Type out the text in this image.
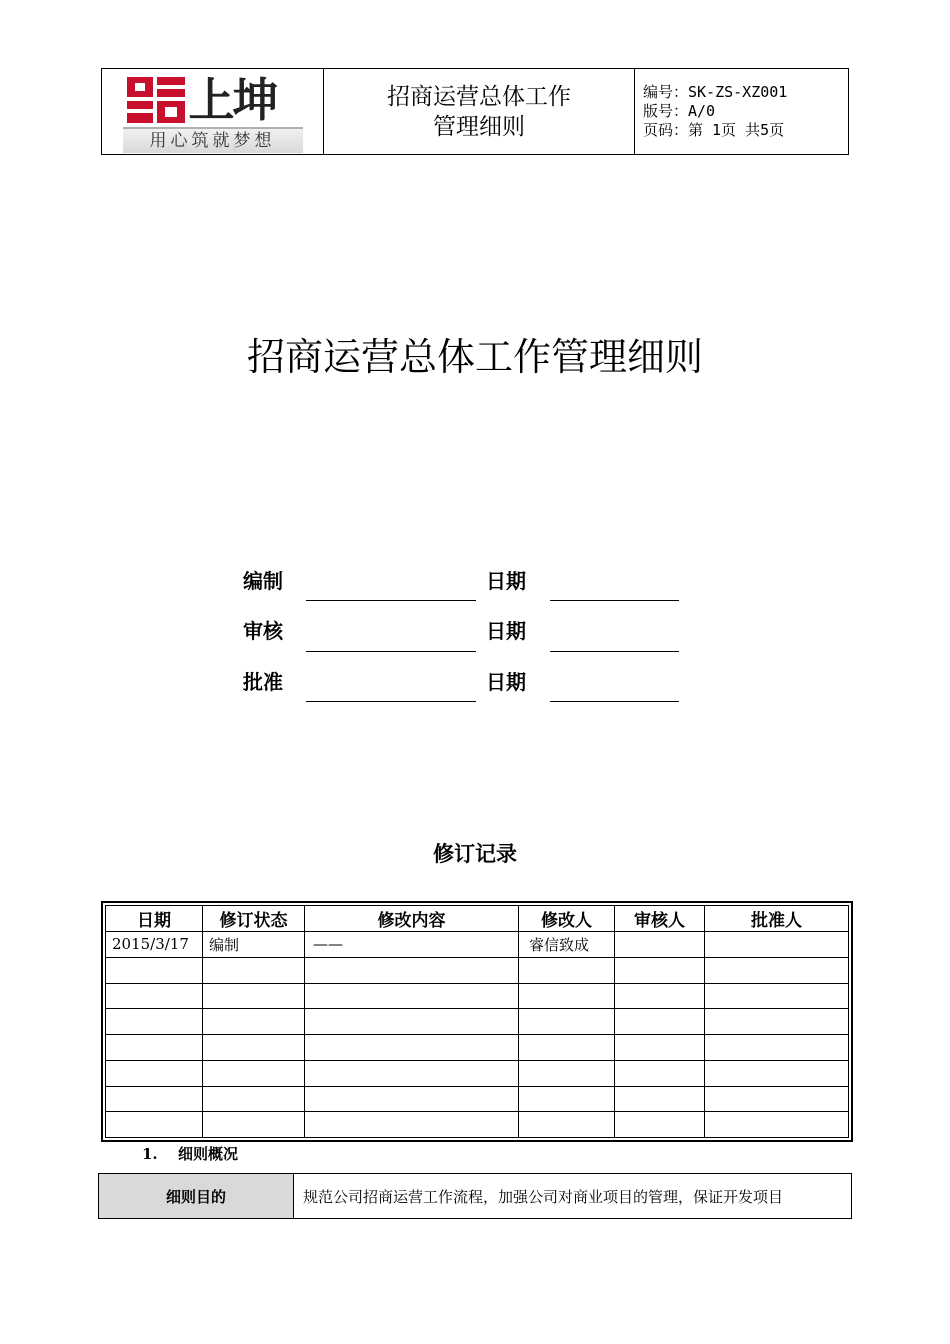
上坤
用心筑就梦想

招商运营总体工作
管理细则

编号：SK-ZS-XZ001
版号：A/0
页码：第 1页 共5页
招商运营总体工作管理细则
编制	日期
审核	日期
批准	日期
修订记录
日期	修订状态	修改内容	修改人	审核人	批准人
2015/3/17	编制	——	睿信致成		

1. 细则概况
细则目的	规范公司招商运营工作流程，加强公司对商业项目的管理，保证开发项目
